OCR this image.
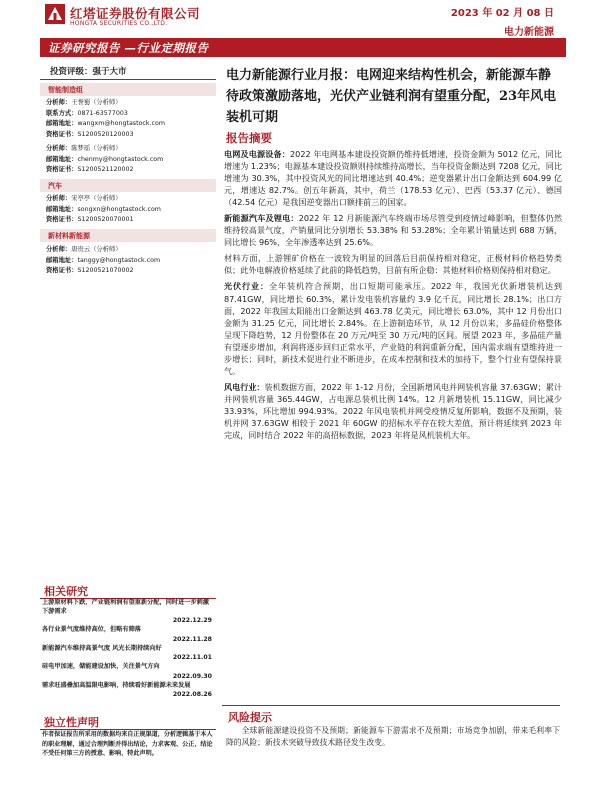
红塔证券股份有限公司
HONGTA SECURITIES CO.,LTD.
2023 年 02 月 08 日
电力新能源
证券研究报告 —行业定期报告
投资评级：强于大市
智能制造组
分析师：王誉蜀（分析师）
联系方式：0871-63577003
邮箱地址：wangxm@hongtastock.com
资格证书：S1200520120003
分析师：陈梦瑶（分析师）
邮箱地址：chenmy@hongtastock.com
资格证书：S1200521120002
汽车
分析师：宋亭亭（分析师）
邮箱地址：songxn@hongtastock.com
资格证书：S1200520070001
新材料新能源
分析师：唐贵云（分析师）
邮箱地址：tanggy@hongtastock.com
资格证书：S1200521070002
相关研究
上游原材料下跌，产业链利润有望重新分配，同时进一步刺激下游需求
2022.12.29
各行业景气度维持高位，但略有筛落
2022.11.28
新能源汽车维持高景气度 风光长期持续向好
2022.11.01
硅电甲加速，储能建设加快，关注景气方向
2022.09.30
需求旺盛叠加高温限电影响，持续看好新能源未来发展
2022.08.26
独立性声明
作者保证报告所采用的数据均来自正规渠道，分析逻辑基于本人的职业理解，通过合理判断并得出结论，力求客观、公正，结论不受任何第三方的授意、影响，特此声明。
电力新能源行业月报：电网迎来结构性机会，新能源车静待政策激励落地，光伏产业链利润有望重分配，23年风电装机可期
报告摘要

电网及电源设备：2022 年电网基本建设投资额仍维持低增速，投资金额为 5012 亿元，同比增速为 1.23%；电源基本建设投资额则持续维持高增长，当年投资金额达到 7208 亿元，同比增速为 30.3%，其中投资风光的同比增速达到 40.4%；逆变器累计出口金额达到 604.99 亿元，增速达 82.7%。创五年新高，其中，荷兰（178.53 亿元）、巴西（53.37 亿元）、德国（42.54 亿元）是我国逆变器出口额排前三的国家。

新能源汽车及锂电：2022 年 12 月新能源汽车终端市场尽管受到疫情过峰影响，但整体仍然维持较高景气度，产销量同比分别增长 53.38% 和 53.28%；全年累计销量达到 688 万辆，同比增长 96%，全年渗透率达到 25.6%。

材料方面，上游锂矿价格在一波较为明显的回落后目前保持相对稳定，正极材料价格趋势类似；此外电解液价格延续了此前的降低趋势，目前有所企稳：其他材料价格则保持相对稳定。

光伏行业：全年装机符合预期，出口短期可能承压。2022 年，我国光伏新增装机达到 87.41GW，同比增长 60.3%，累计发电装机容量约 3.9 亿千瓦，同比增长 28.1%；出口方面，2022 年我国太阳能出口金额达到 463.78 亿美元，同比增长 63.0%，其中 12 月份出口金额为 31.25 亿元，同比增长 2.84%。在上游制造环节，从 12 月份以来，多晶硅价格整体呈现下降趋势，12 月份整体在 20 万元/吨至 30 万元/吨的区间。展望 2023 年，多晶硅产量有望逐步增加，利润将逐步回归正常水平，产业链的利润重新分配，国内需求端有望维持进一步增长；同时，新技术促进行业不断进步，在成本控制和技术的加持下，整个行业有望保持景气。

风电行业：装机数据方面，2022 年 1-12 月份，全国新增风电并网装机容量 37.63GW；累计并网装机容量 365.44GW，占电源总装机比例 14%。12 月新增装机 15.11GW，同比减少 33.93%，环比增加 994.93%。2022 年风电装机并网受疫情反复所影响，数据不及预期，装机并网 37.63GW 相较于 2021 年 60GW 的招标水平存在较大差值，预计将延续到 2023 年完成，同时结合 2022 年的高招标数据，2023 年将是风机装机大年。

风险提示
全球新能源建设投资不及预期；新能源车下游需求不及预期；市场竞争加剧，带来毛利率下降的风险；新技术突破导致技术路径发生改变。
